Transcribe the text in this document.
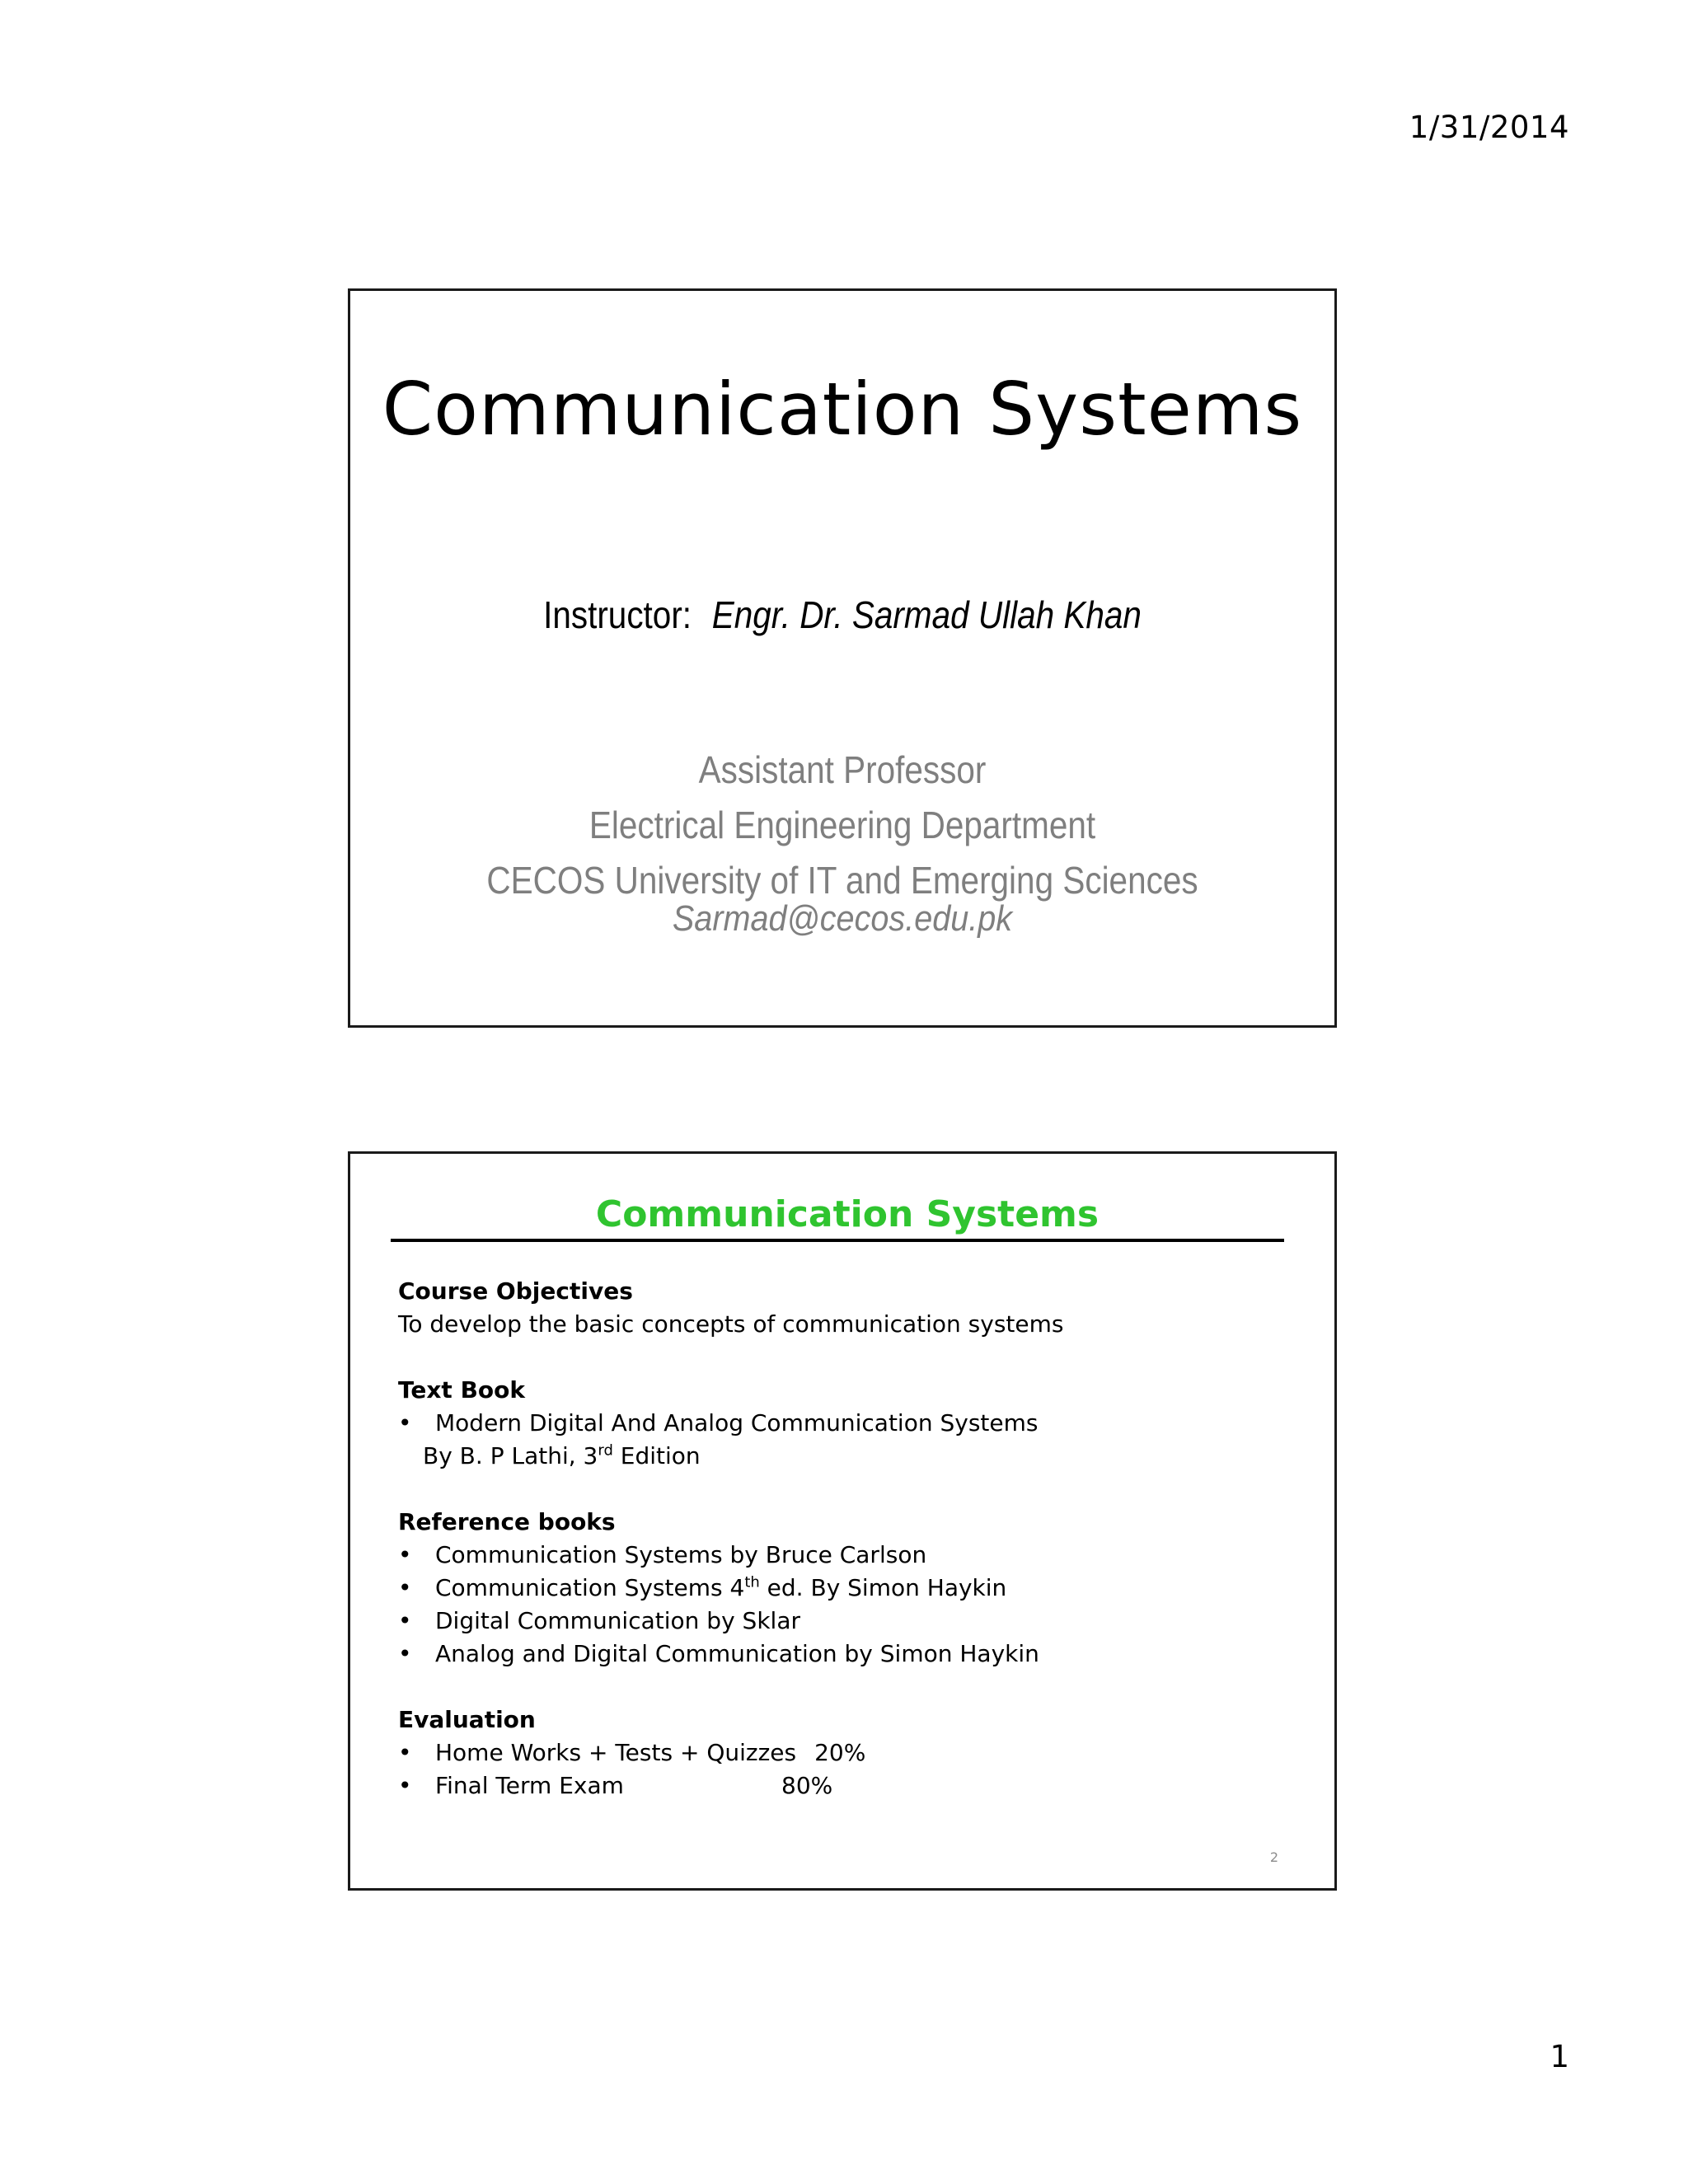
1/31/2014
Communication Systems
Instructor: Engr. Dr. Sarmad Ullah Khan
Assistant Professor
Electrical Engineering Department
CECOS University of IT and Emerging Sciences
Sarmad@cecos.edu.pk
Communication Systems
Course Objectives
To develop the basic concepts of communication systems
Text Book
• Modern Digital And Analog Communication Systems
By B. P Lathi, 3rd Edition
Reference books
• Communication Systems by Bruce Carlson
• Communication Systems 4th ed. By Simon Haykin
• Digital Communication by Sklar
• Analog and Digital Communication by Simon Haykin
Evaluation
• Home Works + Tests + Quizzes 20%
• Final Term Exam	80%
2
1
